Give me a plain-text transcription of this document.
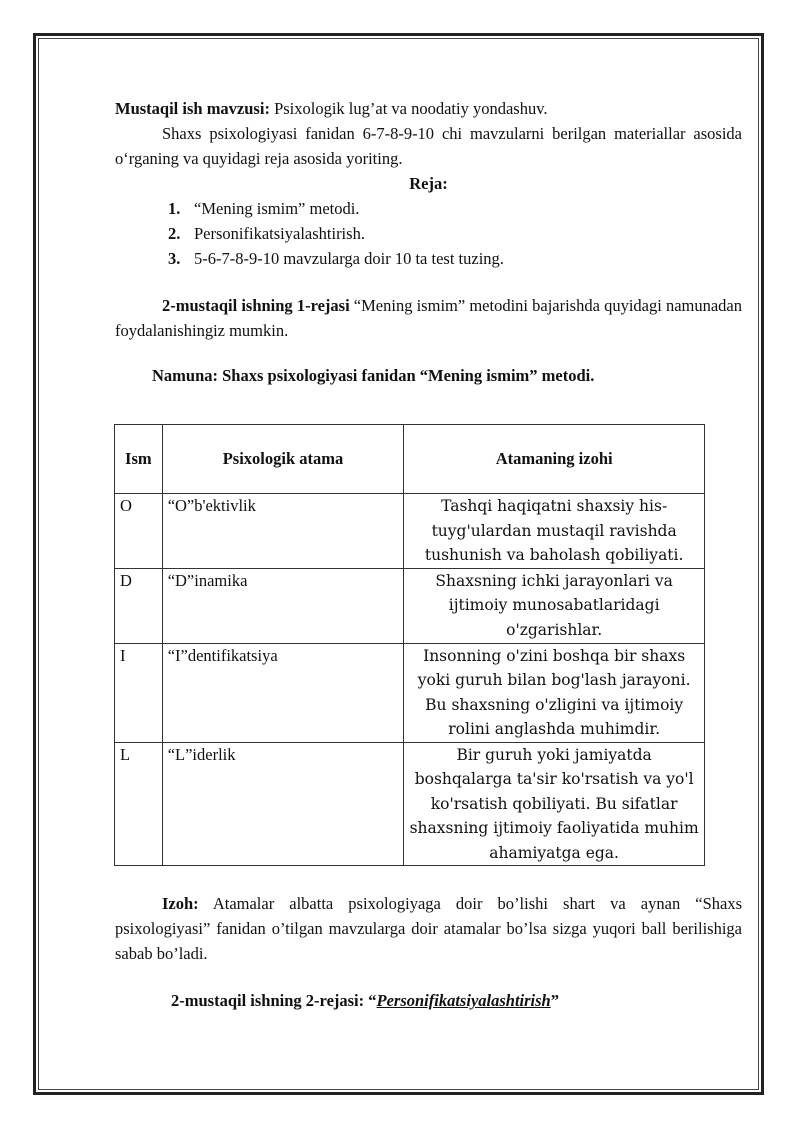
Mustaqil ish mavzusi: Psixologik lug’at va noodatiy yondashuv.

Shaxs psixologiyasi fanidan 6-7-8-9-10 chi mavzularni berilgan materiallar asosida o‘rganing va quyidagi reja asosida yoriting.

Reja:

1. “Mening ismim” metodi.
2. Personifikatsiyalashtirish.
3. 5-6-7-8-9-10 mavzularga doir 10 ta test tuzing.

2-mustaqil ishning 1-rejasi “Mening ismim” metodini bajarishda quyidagi namunadan foydalanishingiz mumkin.

Namuna: Shaxs psixologiyasi fanidan “Mening ismim” metodi.

Ism	Psixologik atama	Atamaning izohi
O	“O”b'ektivlik	Tashqi haqiqatni shaxsiy his-tuyg'ulardan mustaqil ravishda tushunish va baholash qobiliyati.
D	“D”inamika	Shaxsning ichki jarayonlari va ijtimoiy munosabatlaridagi o'zgarishlar.
I	“I”dentifikatsiya	Insonning o'zini boshqa bir shaxs yoki guruh bilan bog'lash jarayoni. Bu shaxsning o'zligini va ijtimoiy rolini anglashda muhimdir.
L	“L”iderlik	Bir guruh yoki jamiyatda boshqalarga ta'sir ko'rsatish va yo'l ko'rsatish qobiliyati. Bu sifatlar shaxsning ijtimoiy faoliyatida muhim ahamiyatga ega.

Izoh: Atamalar albatta psixologiyaga doir bo’lishi shart va aynan “Shaxs psixologiyasi” fanidan o’tilgan mavzularga doir atamalar bo’lsa sizga yuqori ball berilishiga sabab bo’ladi.

2-mustaqil ishning 2-rejasi: “Personifikatsiyalashtirish”
